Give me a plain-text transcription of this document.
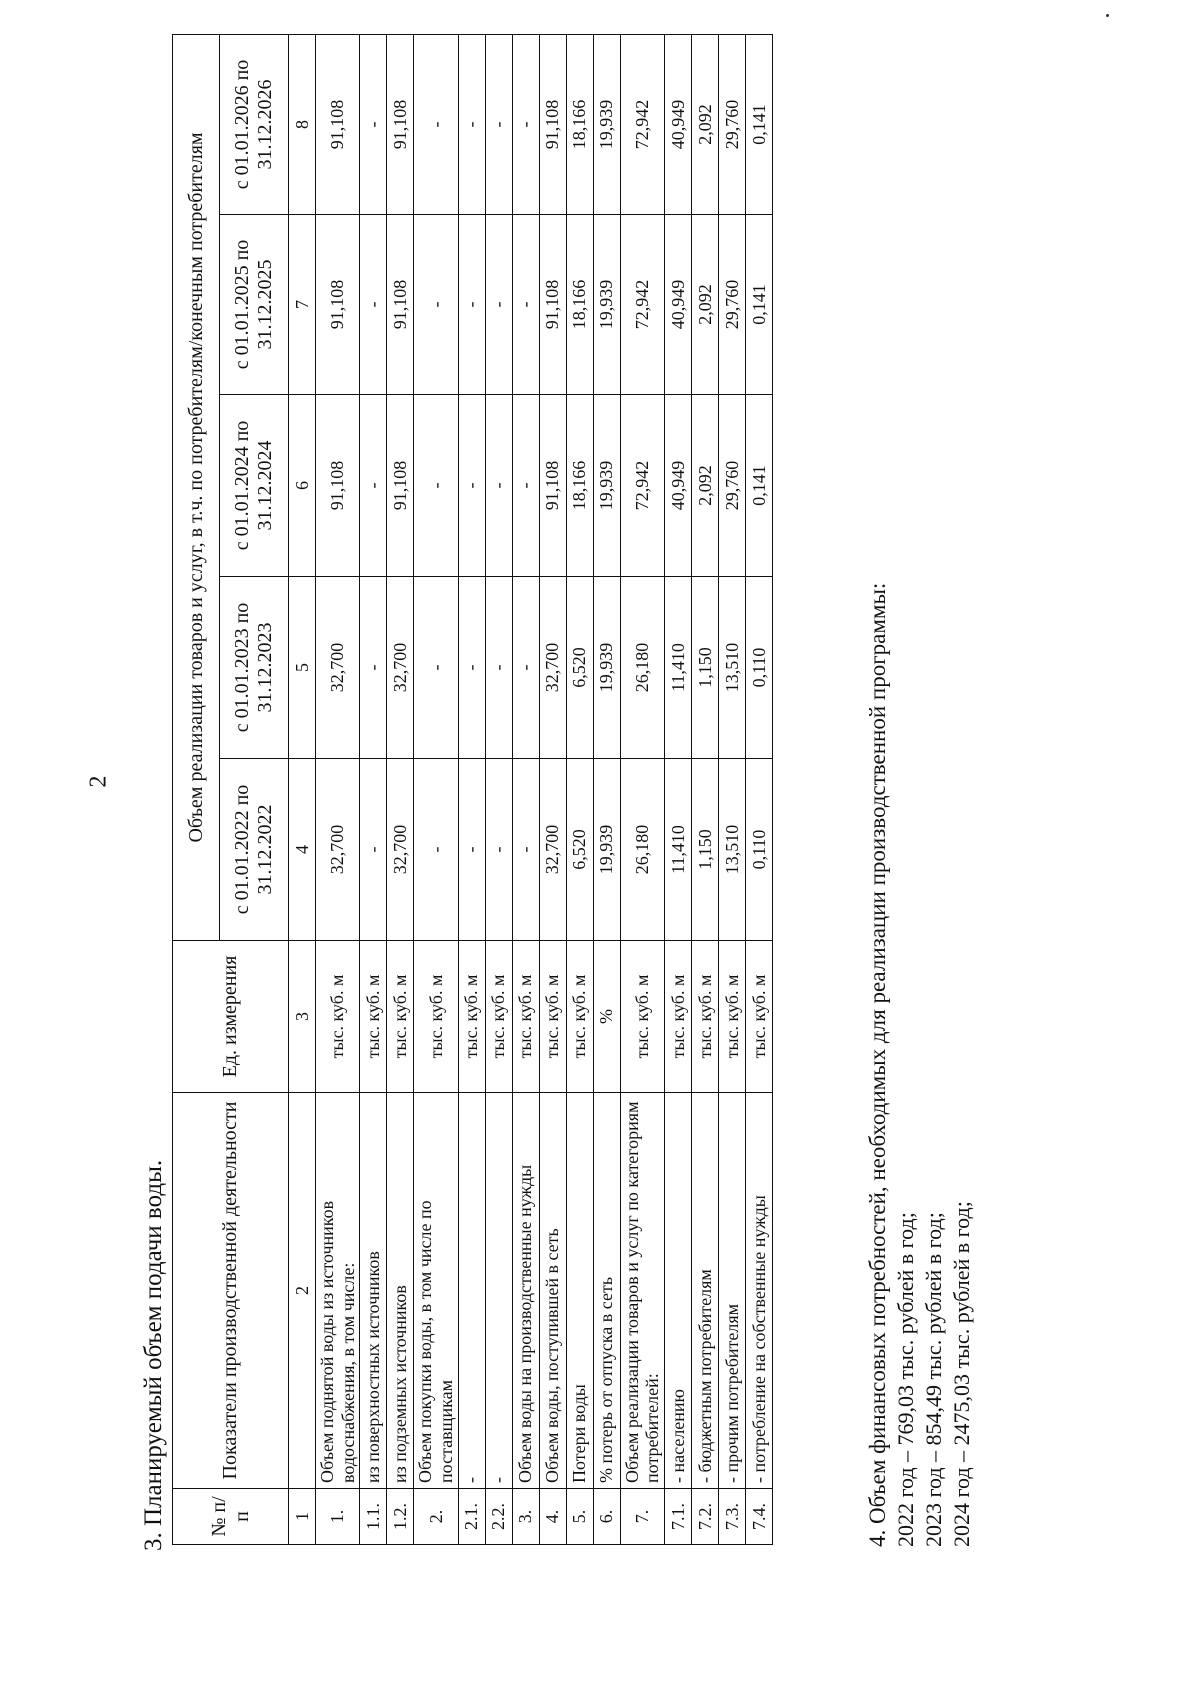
2
3. Планируемый объем подачи воды. № п/п	Показатели производственной деятельности	Ед. измерения	Объем реализации товаров и услуг, в т.ч. по потребителям/конечным потребителям				
			с 01.01.2022 по 31.12.2022	с 01.01.2023 по 31.12.2023	с 01.01.2024 по 31.12.2024	с 01.01.2025 по 31.12.2025	с 01.01.2026 по 31.12.2026
1	2	3	4	5	6	7	8
1.	Объем поднятой воды из источников водоснабжения, в том числе:	тыс. куб. м	32,700	32,700	91,108	91,108	91,108
1.1.	из поверхностных источников	тыс. куб. м	-	-	-	-	-
1.2.	из подземных источников	тыс. куб. м	32,700	32,700	91,108	91,108	91,108
2.	Объем покупки воды, в том числе по поставщикам	тыс. куб. м	-	-	-	-	-
2.1.	-	тыс. куб. м	-	-	-	-	-
2.2.	-	тыс. куб. м	-	-	-	-	-
3.	Объем воды на производственные нужды	тыс. куб. м	-	-	-	-	-
4.	Объем воды, поступившей в сеть	тыс. куб. м	32,700	32,700	91,108	91,108	91,108
5.	Потери воды	тыс. куб. м	6,520	6,520	18,166	18,166	18,166
6.	% потерь от отпуска в сеть	%	19,939	19,939	19,939	19,939	19,939
7.	Объем реализации товаров и услуг по категориям потребителей:	тыс. куб. м	26,180	26,180	72,942	72,942	72,942
7.1.	- населению	тыс. куб. м	11,410	11,410	40,949	40,949	40,949
7.2.	- бюджетным потребителям	тыс. куб. м	1,150	1,150	2,092	2,092	2,092
7.3.	- прочим потребителям	тыс. куб. м	13,510	13,510	29,760	29,760	29,760
7.4.	- потребление на собственные нужды	тыс. куб. м	0,110	0,110	0,141	0,141	0,141
4. Объем финансовых потребностей, необходимых для реализации производственной программы: 2022 год – 769,03 тыс. рублей в год; 2023 год – 854,49 тыс. рублей в год; 2024 год – 2475,03 тыс. рублей в год;
